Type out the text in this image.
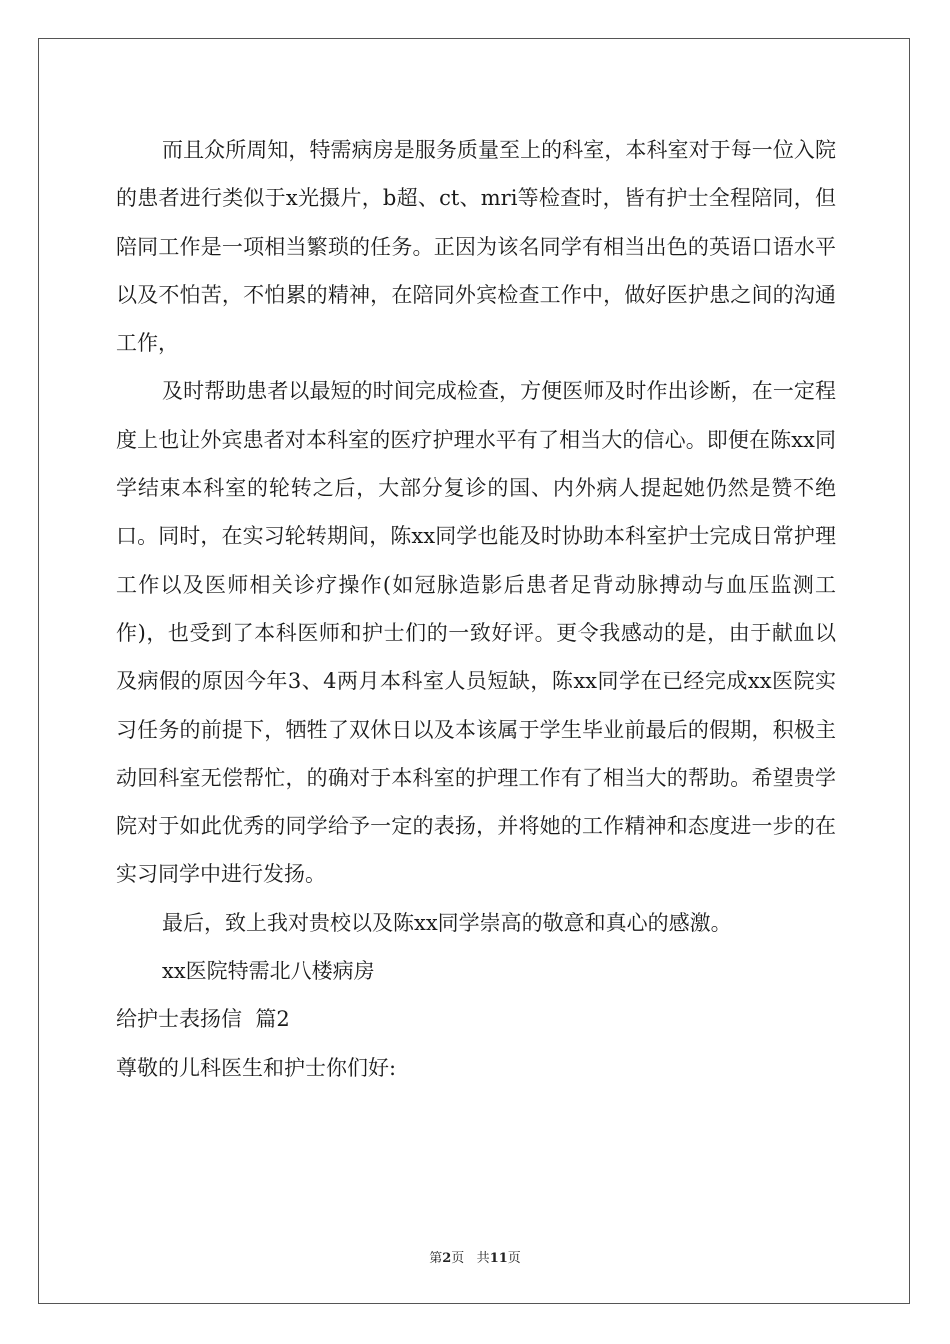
而且众所周知，特需病房是服务质量至上的科室，本科室对于每一位入院的患者进行类似于x光摄片，b超、ct、mri等检查时，皆有护士全程陪同，但陪同工作是一项相当繁琐的任务。正因为该名同学有相当出色的英语口语水平以及不怕苦，不怕累的精神，在陪同外宾检查工作中，做好医护患之间的沟通工作，

及时帮助患者以最短的时间完成检查，方便医师及时作出诊断，在一定程度上也让外宾患者对本科室的医疗护理水平有了相当大的信心。即便在陈xx同学结束本科室的轮转之后，大部分复诊的国、内外病人提起她仍然是赞不绝口。同时，在实习轮转期间，陈xx同学也能及时协助本科室护士完成日常护理工作以及医师相关诊疗操作(如冠脉造影后患者足背动脉搏动与血压监测工作)，也受到了本科医师和护士们的一致好评。更令我感动的是，由于献血以及病假的原因今年3、4两月本科室人员短缺，陈xx同学在已经完成xx医院实习任务的前提下，牺牲了双休日以及本该属于学生毕业前最后的假期，积极主动回科室无偿帮忙，的确对于本科室的护理工作有了相当大的帮助。希望贵学院对于如此优秀的同学给予一定的表扬，并将她的工作精神和态度进一步的在实习同学中进行发扬。

最后，致上我对贵校以及陈xx同学崇高的敬意和真心的感激。

xx医院特需北八楼病房

给护士表扬信  篇2

尊敬的儿科医生和护士你们好:

第2页 共11页
